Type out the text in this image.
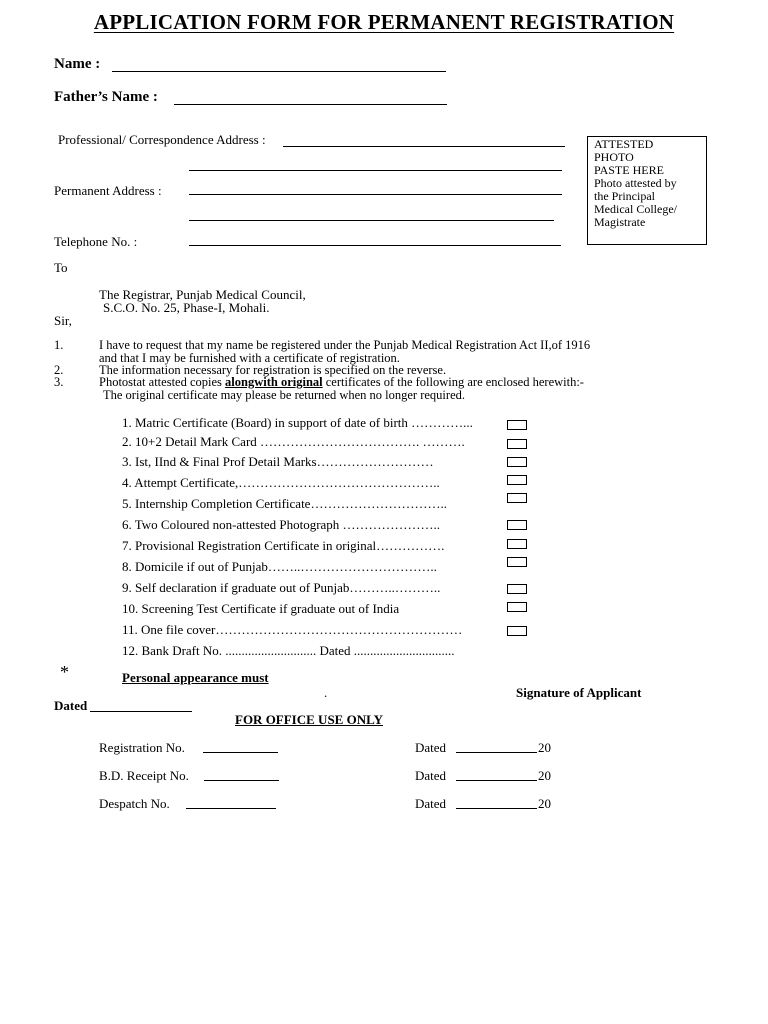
APPLICATION FORM FOR PERMANENT REGISTRATION
Name :
Father’s Name :
Professional/ Correspondence Address :
Permanent Address :
Telephone No. :
ATTESTED
PHOTO
PASTE HERE
Photo attested by
the Principal
Medical College/
Magistrate
To
The Registrar, Punjab Medical Council,
S.C.O. No. 25, Phase-I, Mohali.
Sir,
1.	I have to request that my name be registered under the Punjab Medical Registration Act II,of 1916
and that I may be furnished with a certificate of registration.
2.	The information necessary for registration is specified on the reverse.
3.	Photostat attested copies alongwith original certificates of the following are enclosed herewith:-
The original certificate may please be returned when no longer required.
1. Matric Certificate (Board) in support of date of birth …………...
2. 10+2 Detail Mark Card ………………………………. ……….
3. Ist, IInd & Final Prof Detail Marks………………………
4. Attempt Certificate,………………………………………..
5. Internship Completion Certificate…………………………..
6. Two Coloured non-attested Photograph …………………..
7. Provisional Registration Certificate in original…………….
8. Domicile if out of Punjab……..…………………………..
9. Self declaration if graduate out of Punjab………..………..
10. Screening Test Certificate if graduate out of India
11. One file cover…………………………………………………
12. Bank Draft No. ............................ Dated ...............................
*	Personal appearance must
.	Signature of Applicant
Dated
FOR OFFICE USE ONLY
Registration No.	Dated	20
B.D. Receipt No.	Dated	20
Despatch No.	Dated	20
